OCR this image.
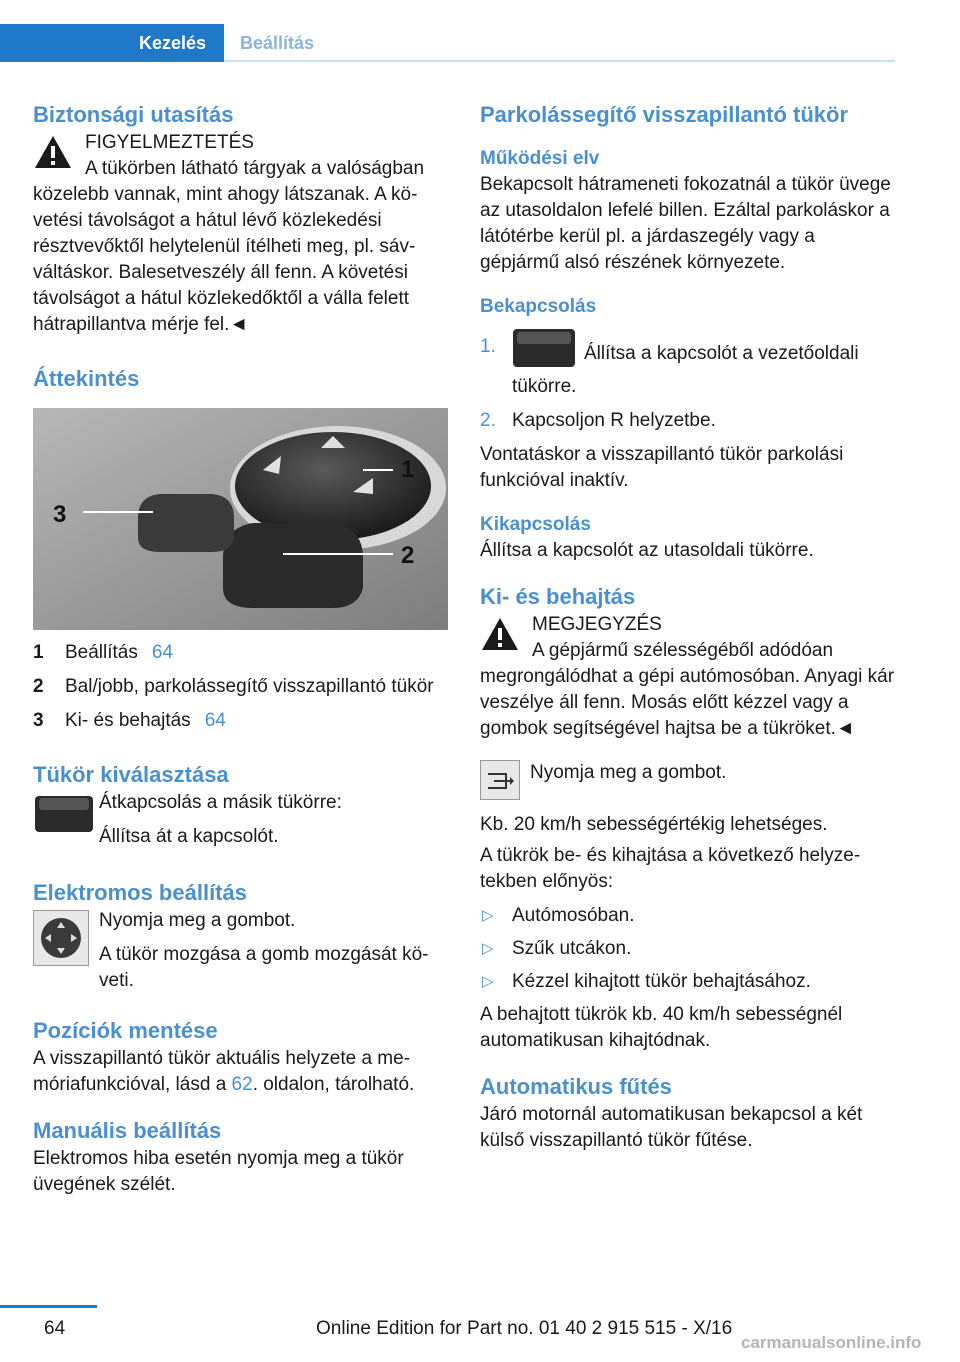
Kezelés	Beállítás
Biztonsági utasítás

FIGYELMEZTETÉS

A tükörben látható tárgyak a valóságban közelebb vannak, mint ahogy látszanak. A követési távolságot a hátul lévő közlekedési résztvevőktől helytelenül ítélheti meg, pl. sávváltáskor. Balesetveszély áll fenn. A követési távolságot a hátul közlekedőktől a válla felett hátrapillantva mérje fel.◄

Áttekintés
1
2
3
1 Beállítás 64
2 Bal/jobb, parkolássegítő visszapillantó tükör
3 Ki- és behajtás 64
Tükör kiválasztása

Átkapcsolás a másik tükörre:

Állítsa át a kapcsolót.

Elektromos beállítás

Nyomja meg a gombot.

A tükör mozgása a gomb mozgását követi.

Pozíciók mentése

A visszapillantó tükör aktuális helyzete a memóriafunkcióval, lásd a 62. oldalon, tárolható.

Manuális beállítás

Elektromos hiba esetén nyomja meg a tükör üvegének szélét.

Parkolássegítő visszapillantó tükör
Működési elv

Bekapcsolt hátrameneti fokozatnál a tükör üvege az utasoldalon lefelé billen. Ezáltal parkoláskor a látótérbe kerül pl. a járdaszegély vagy a gépjármű alsó részének környezete.

Bekapcsolás
1.	Állítsa a kapcsolót a vezetőoldali tükörre.
2. Kapcsoljon R helyzetbe.

Vontatáskor a visszapillantó tükör parkolási funkcióval inaktív.

Kikapcsolás

Állítsa a kapcsolót az utasoldali tükörre.

Ki- és behajtás

MEGJEGYZÉS

A gépjármű szélességéből adódóan megrongálódhat a gépi autómosóban. Anyagi kár veszélye áll fenn. Mosás előtt kézzel vagy a gombok segítségével hajtsa be a tükröket.◄

Nyomja meg a gombot.

Kb. 20 km/h sebességértékig lehetséges.

A tükrök be- és kihajtása a következő helyzetekben előnyös:

▷ Autómosóban.
▷ Szűk utcákon.
▷ Kézzel kihajtott tükör behajtásához.

A behajtott tükrök kb. 40 km/h sebességnél automatikusan kihajtódnak.

Automatikus fűtés

Járó motornál automatikusan bekapcsol a két külső visszapillantó tükör fűtése.

64	Online Edition for Part no. 01 40 2 915 515 - X/16
carmanualsonline.info
